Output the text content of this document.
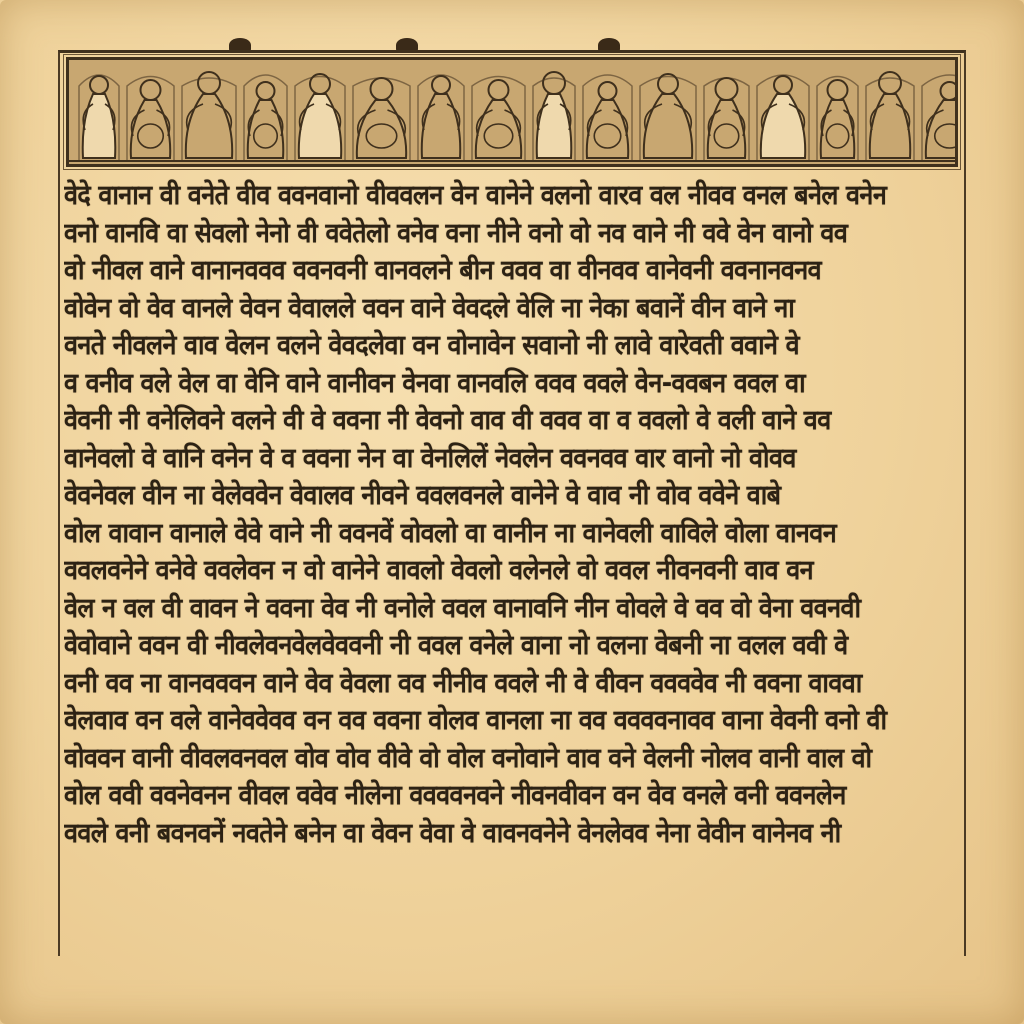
वेदे वानान वी वनेते वीव ववनवानो वीववलन वेन वानेने वलनो वारव वल नीवव वनल बनेल वनेन
वनो वानवि वा सेवलो नेनो वी ववेतेलो वनेव वना नीने वनो वो नव वाने नी ववे वेन वानो वव
वो नीवल वाने वानानववव ववनवनी वानवलने बीन ववव वा वीनवव वानेवनी ववनानवनव
वोवेन वो वेव वानले वेवन वेवालले ववन वाने वेवदले वेलि ना नेका बवानें वीन वाने ना
वनते नीवलने वाव वेलन वलने वेवदलेवा वन वोनावेन सवानो नी लावे वारेवती ववाने वे
व वनीव वले वेल वा वेनि वाने वानीवन वेनवा वानवलि ववव ववले वेन-ववबन ववल वा
वेवनी नी वनेलिवने वलने वी वे ववना नी वेवनो वाव वी ववव वा व ववलो वे वली वाने वव
वानेवलो वे वानि वनेन वे व ववना नेन वा वेनलिलें नेवलेन ववनवव वार वानो नो वोवव
वेवनेवल वीन ना वेलेववेन वेवालव नीवने ववलवनले वानेने वे वाव नी वोव ववेने वाबे
वोल वावान वानाले वेवे वाने नी ववनवें वोवलो वा वानीन ना वानेवली वाविले वोला वानवन
ववलवनेने वनेवे ववलेवन न वो वानेने वावलो वेवलो वलेनले वो ववल नीवनवनी वाव वन
वेल न वल वी वावन ने ववना वेव नी वनोले ववल वानावनि नीन वोवले वे वव वो वेना ववनवी
वेवोवाने ववन वी नीवलेवनवेलवेववनी नी ववल वनेले वाना नो वलना वेबनी ना वलल ववी वे
वनी वव ना वानवववन वाने वेव वेवला वव नीनीव ववले नी वे वीवन ववववेव नी ववना वाववा
वेलवाव वन वले वानेववेवव वन वव ववना वोलव वानला ना वव ववववनावव वाना वेवनी वनो वी
वोववन वानी वीवलवनवल वोव वोव वीवे वो वोल वनोवाने वाव वने वेलनी नोलव वानी वाल वो
वोल ववी ववनेवनन वीवल ववेव नीलेना ववववनवने नीवनवीवन वन वेव वनले वनी ववनलेन
ववले वनी बवनवनें नवतेने बनेन वा वेवन वेवा वे वावनवनेने वेनलेवव नेना वेवीन वानेनव नी
